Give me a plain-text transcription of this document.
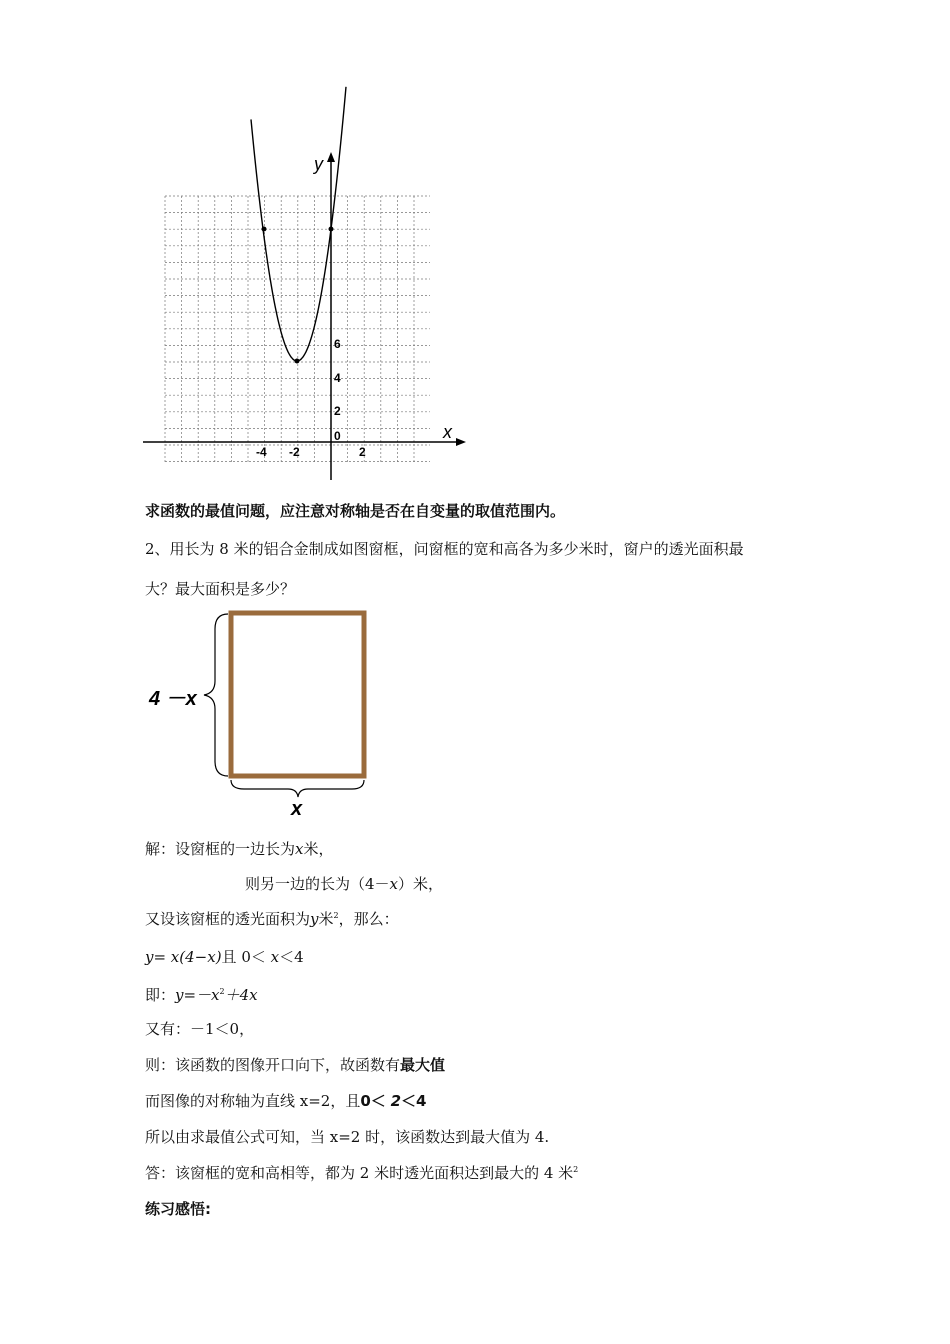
y
x
6
4
2
0
-4 -2	2
求函数的最值问题，应注意对称轴是否在自变量的取值范围内。
2、用长为 8 米的铝合金制成如图窗框，问窗框的宽和高各为多少米时，窗户的透光面积最
大？最大面积是多少？
4 －x
x
解：设窗框的一边长为x米，
则另一边的长为（4－x）米，
又设该窗框的透光面积为y米$^2$，那么：
y= x(4−x)且 0＜ x＜4
即：$y=-x^2+4x$
又有：－1＜0，
则：该函数的图像开口向下，故函数有最大值
而图像的对称轴为直线 x=2，且0＜ 2＜4
所以由求最值公式可知，当 x=2 时，该函数达到最大值为 4.
答：该窗框的宽和高相等，都为 2 米时透光面积达到最大的 4 米$^2$
练习感悟:
